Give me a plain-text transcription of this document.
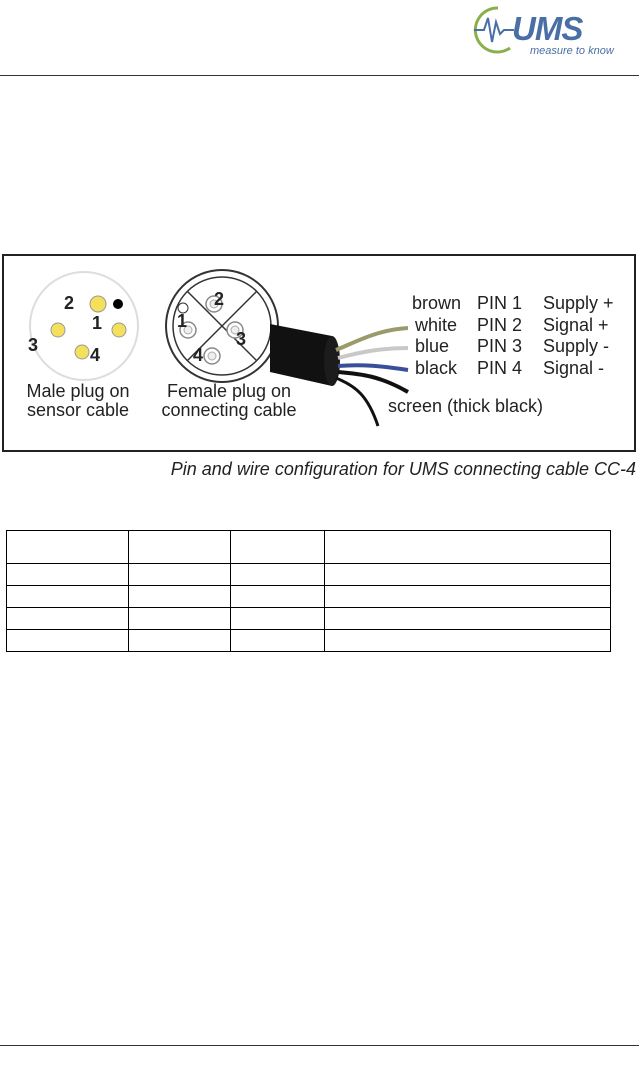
UMS
measure to know
2
1
3	4
Male plug on
sensor cable
2
1
3
4
Female plug on
connecting cable
brown PIN 1 Supply +
white PIN 2 Signal +
blue PIN 3 Supply -
black PIN 4 Signal -
screen (thick black)
Pin and wire configuration for UMS connecting cable CC-4
